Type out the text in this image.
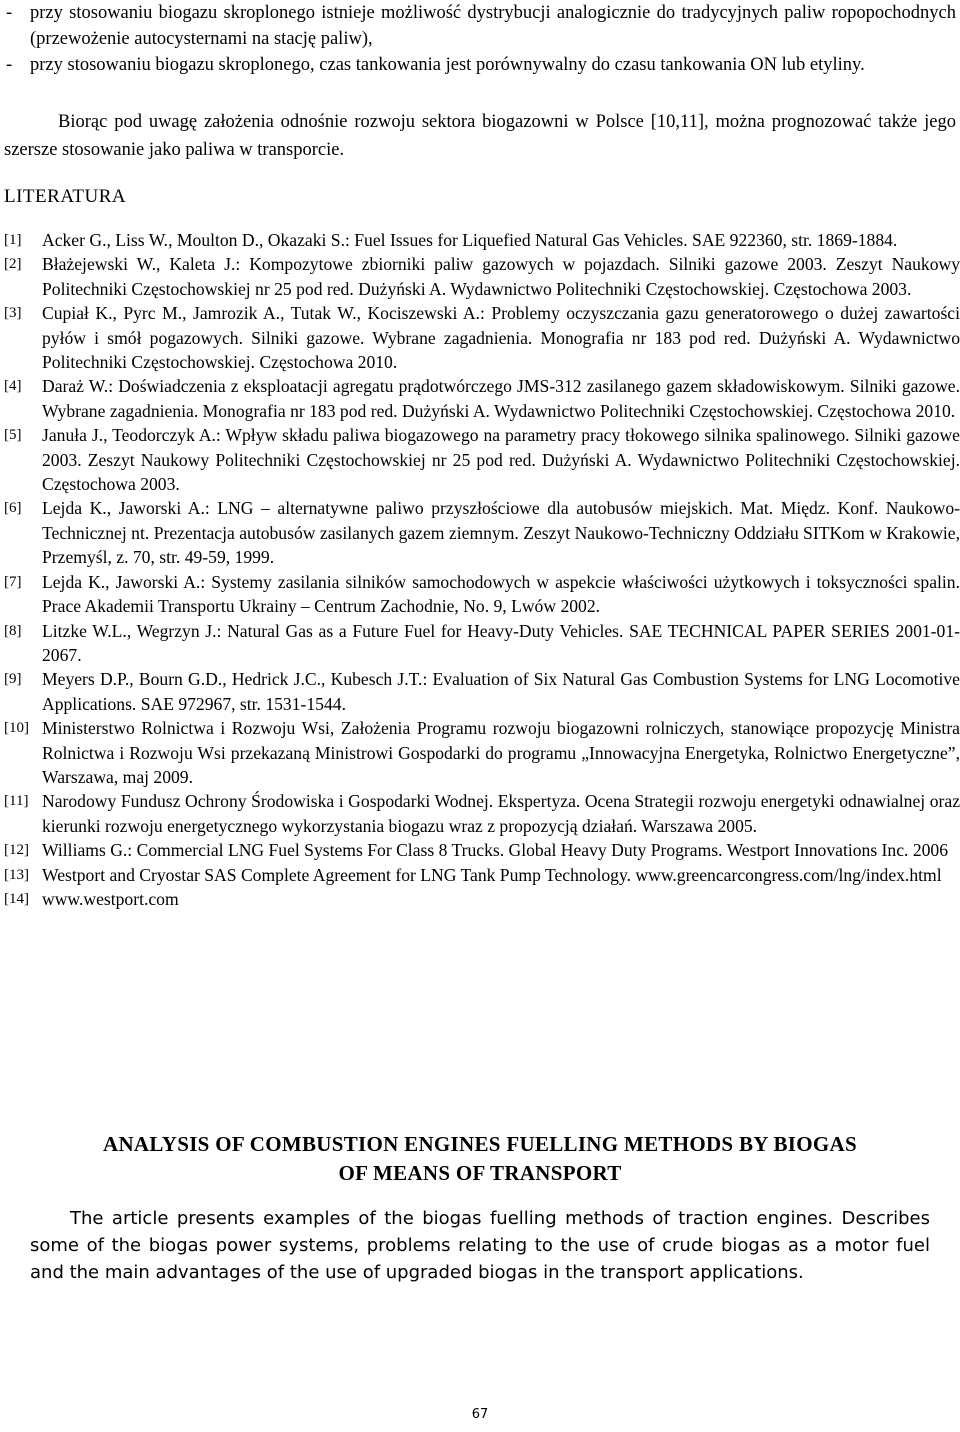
- przy stosowaniu biogazu skroplonego istnieje możliwość dystrybucji analogicznie do tradycyjnych paliw ropopochodnych (przewożenie autocysternami na stację paliw),
- przy stosowaniu biogazu skroplonego, czas tankowania jest porównywalny do czasu tankowania ON lub etyliny.
Biorąc pod uwagę założenia odnośnie rozwoju sektora biogazowni w Polsce [10,11], można prognozować także jego szersze stosowanie jako paliwa w transporcie.
LITERATURA
[1]	Acker G., Liss W., Moulton D., Okazaki S.: Fuel Issues for Liquefied Natural Gas Vehicles. SAE 922360, str. 1869-1884.
[2]	Błażejewski W., Kaleta J.: Kompozytowe zbiorniki paliw gazowych w pojazdach. Silniki gazowe 2003. Zeszyt Naukowy Politechniki Częstochowskiej nr 25 pod red. Dużyński A. Wydawnictwo Politechniki Częstochowskiej. Częstochowa 2003.
[3]	Cupiał K., Pyrc M., Jamrozik A., Tutak W., Kociszewski A.: Problemy oczyszczania gazu generatorowego o dużej zawartości pyłów i smół pogazowych. Silniki gazowe. Wybrane zagadnienia. Monografia nr 183 pod red. Dużyński A. Wydawnictwo Politechniki Częstochowskiej. Częstochowa 2010.
[4]	Daraż W.: Doświadczenia z eksploatacji agregatu prądotwórczego JMS-312 zasilanego gazem składowiskowym. Silniki gazowe. Wybrane zagadnienia. Monografia nr 183 pod red. Dużyński A. Wydawnictwo Politechniki Częstochowskiej. Częstochowa 2010.
[5]	Januła J., Teodorczyk A.: Wpływ składu paliwa biogazowego na parametry pracy tłokowego silnika spalinowego. Silniki gazowe 2003. Zeszyt Naukowy Politechniki Częstochowskiej nr 25 pod red. Dużyński A. Wydawnictwo Politechniki Częstochowskiej. Częstochowa 2003.
[6]	Lejda K., Jaworski A.: LNG – alternatywne paliwo przyszłościowe dla autobusów miejskich. Mat. Międz. Konf. Naukowo-Technicznej nt. Prezentacja autobusów zasilanych gazem ziemnym. Zeszyt Naukowo-Techniczny Oddziału SITKom w Krakowie, Przemyśl, z. 70, str. 49-59, 1999.
[7]	Lejda K., Jaworski A.: Systemy zasilania silników samochodowych w aspekcie właściwości użytkowych i toksyczności spalin. Prace Akademii Transportu Ukrainy – Centrum Zachodnie, No. 9, Lwów 2002.
[8]	Litzke W.L., Wegrzyn J.: Natural Gas as a Future Fuel for Heavy-Duty Vehicles. SAE TECHNICAL PAPER SERIES 2001-01-2067.
[9]	Meyers D.P., Bourn G.D., Hedrick J.C., Kubesch J.T.: Evaluation of Six Natural Gas Combustion Systems for LNG Locomotive Applications. SAE 972967, str. 1531-1544.
[10] Ministerstwo Rolnictwa i Rozwoju Wsi, Założenia Programu rozwoju biogazowni rolniczych, stanowiące propozycję Ministra Rolnictwa i Rozwoju Wsi przekazaną Ministrowi Gospodarki do programu „Innowacyjna Energetyka, Rolnictwo Energetyczne”, Warszawa, maj 2009.
[11] Narodowy Fundusz Ochrony Środowiska i Gospodarki Wodnej. Ekspertyza. Ocena Strategii rozwoju energetyki odnawialnej oraz kierunki rozwoju energetycznego wykorzystania biogazu wraz z propozycją działań. Warszawa 2005.
[12] Williams G.: Commercial LNG Fuel Systems For Class 8 Trucks. Global Heavy Duty Programs. Westport Innovations Inc. 2006
[13] Westport and Cryostar SAS Complete Agreement for LNG Tank Pump Technology. www.greencarcongress.com/lng/index.html
[14] www.westport.com
ANALYSIS OF COMBUSTION ENGINES FUELLING METHODS BY BIOGAS
OF MEANS OF TRANSPORT
The article presents examples of the biogas fuelling methods of traction engines. Describes some of the biogas power systems, problems relating to the use of crude biogas as a motor fuel and the main advantages of the use of upgraded biogas in the transport applications.
67
